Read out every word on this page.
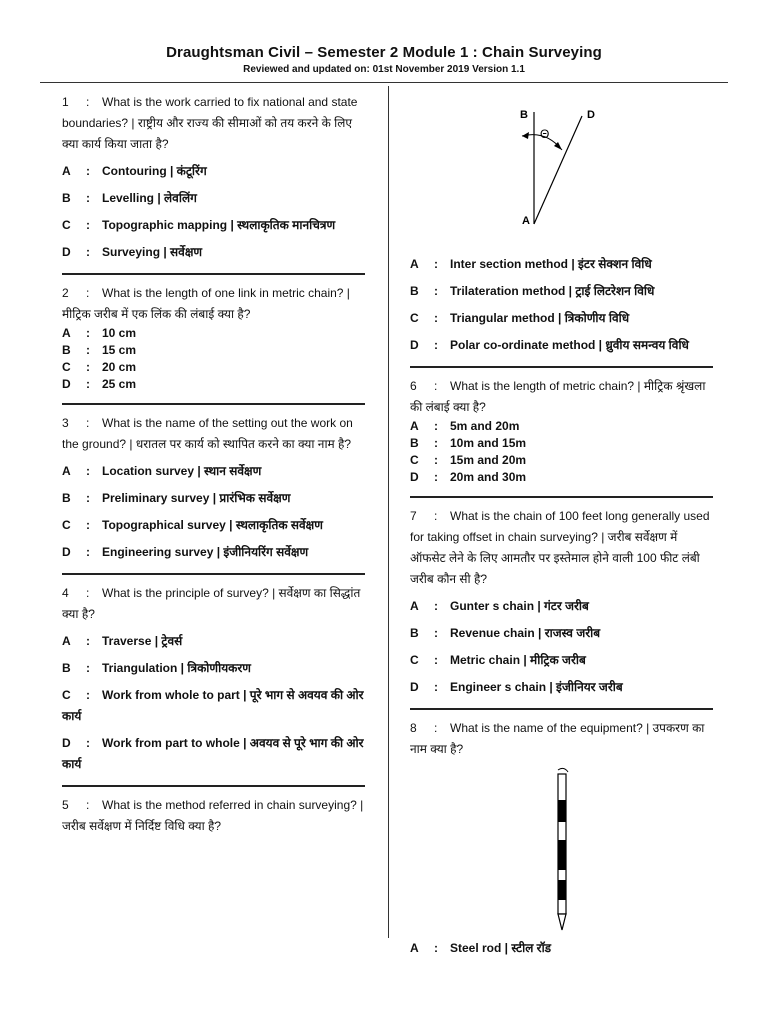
Draughtsman Civil – Semester 2 Module 1 : Chain Surveying
Reviewed and updated on: 01st November 2019 Version 1.1
1 : What is the work carried to fix national and state boundaries? | राष्ट्रीय और राज्य की सीमाओं को तय करने के लिए क्या कार्य किया जाता है?
A : Contouring | कंटूरिंग
B : Levelling | लेवलिंग
C : Topographic mapping | स्थलाकृतिक मानचित्रण
D : Surveying | सर्वेक्षण
2 : What is the length of one link in metric chain? | मीट्रिक जरीब में एक लिंक की लंबाई क्या है?
A : 10 cm
B : 15 cm
C : 20 cm
D : 25 cm
3 : What is the name of the setting out the work on the ground? | धरातल पर कार्य को स्थापित करने का क्या नाम है?
A : Location survey | स्थान सर्वेक्षण
B : Preliminary survey | प्रारंभिक सर्वेक्षण
C : Topographical survey | स्थलाकृतिक सर्वेक्षण
D : Engineering survey | इंजीनियरिंग सर्वेक्षण
4 : What is the principle of survey? | सर्वेक्षण का सिद्धांत क्या है?
A : Traverse | ट्रेवर्स
B : Triangulation | त्रिकोणीयकरण
C : Work from whole to part | पूरे भाग से अवयव की ओर कार्य
D : Work from part to whole | अवयव से पूरे भाग की ओर कार्य
5 : What is the method referred in chain surveying? | जरीब सर्वेक्षण में निर्दिष्ट विधि क्या है?
B	D
A
Θ
A : Inter section method | इंटर सेक्शन विधि
B : Trilateration method | ट्राई लिटरेशन विधि
C : Triangular method | त्रिकोणीय विधि
D : Polar co-ordinate method | ध्रुवीय समन्वय विधि
6 : What is the length of metric chain? | मीट्रिक श्रृंखला की लंबाई क्या है?
A : 5m and 20m
B : 10m and 15m
C : 15m and 20m
D : 20m and 30m
7 : What is the chain of 100 feet long generally used for taking offset in chain surveying? | जरीब सर्वेक्षण में ऑफसेट लेने के लिए आमतौर पर इस्तेमाल होने वाली 100 फीट लंबी जरीब कौन सी है?
A : Gunter s chain | गंटर जरीब
B : Revenue chain | राजस्व जरीब
C : Metric chain | मीट्रिक जरीब
D : Engineer s chain | इंजीनियर जरीब
8 : What is the name of the equipment? | उपकरण का नाम क्या है?
A : Steel rod | स्टील रॉड
